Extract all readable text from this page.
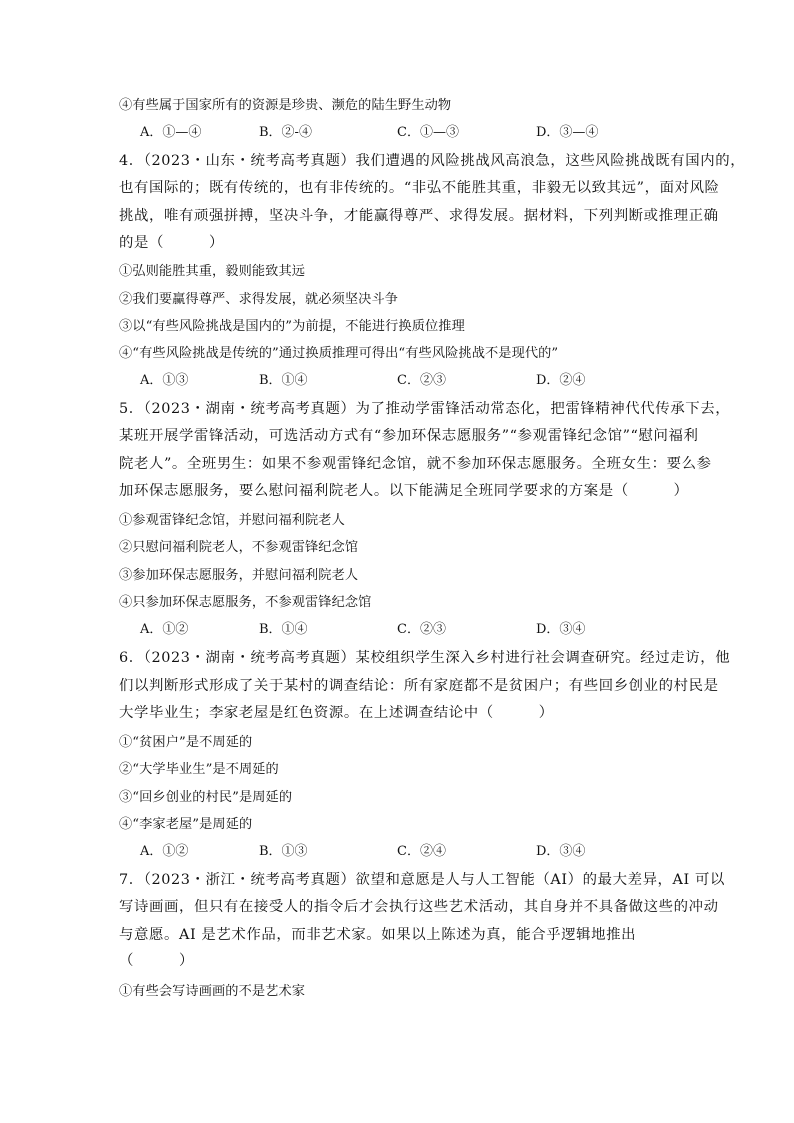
④有些属于国家所有的资源是珍贵、濒危的陆生野生动物
A．①—④	B．②-④	C．①—③	D．③—④
4．（2023・山东・统考高考真题）我们遭遇的风险挑战风高浪急，这些风险挑战既有国内的，
也有国际的；既有传统的，也有非传统的。“非弘不能胜其重，非毅无以致其远”，面对风险
挑战，唯有顽强拼搏，坚决斗争，才能赢得尊严、求得发展。据材料，下列判断或推理正确
的是（　　　）
①弘则能胜其重，毅则能致其远
②我们要赢得尊严、求得发展，就必须坚决斗争
③以“有些风险挑战是国内的”为前提，不能进行换质位推理
④“有些风险挑战是传统的”通过换质推理可得出“有些风险挑战不是现代的”
A．①③	B．①④	C．②③	D．②④
5．（2023・湖南・统考高考真题）为了推动学雷锋活动常态化，把雷锋精神代代传承下去，
某班开展学雷锋活动，可选活动方式有“参加环保志愿服务”“参观雷锋纪念馆”“慰问福利
院老人”。全班男生：如果不参观雷锋纪念馆，就不参加环保志愿服务。全班女生：要么参
加环保志愿服务，要么慰问福利院老人。以下能满足全班同学要求的方案是（　　　）
①参观雷锋纪念馆，并慰问福利院老人
②只慰问福利院老人，不参观雷锋纪念馆
③参加环保志愿服务，并慰问福利院老人
④只参加环保志愿服务，不参观雷锋纪念馆
A．①②	B．①④	C．②③	D．③④
6．（2023・湖南・统考高考真题）某校组织学生深入乡村进行社会调查研究。经过走访，他
们以判断形式形成了关于某村的调查结论：所有家庭都不是贫困户；有些回乡创业的村民是
大学毕业生；李家老屋是红色资源。在上述调查结论中（　　　）
①“贫困户”是不周延的
②“大学毕业生”是不周延的
③“回乡创业的村民”是周延的
④“李家老屋”是周延的
A．①②	B．①③	C．②④	D．③④
7．（2023・浙江・统考高考真题）欲望和意愿是人与人工智能（AI）的最大差异，AI 可以
写诗画画，但只有在接受人的指令后才会执行这些艺术活动，其自身并不具备做这些的冲动
与意愿。AI 是艺术作品，而非艺术家。如果以上陈述为真，能合乎逻辑地推出
（　　　）
①有些会写诗画画的不是艺术家
